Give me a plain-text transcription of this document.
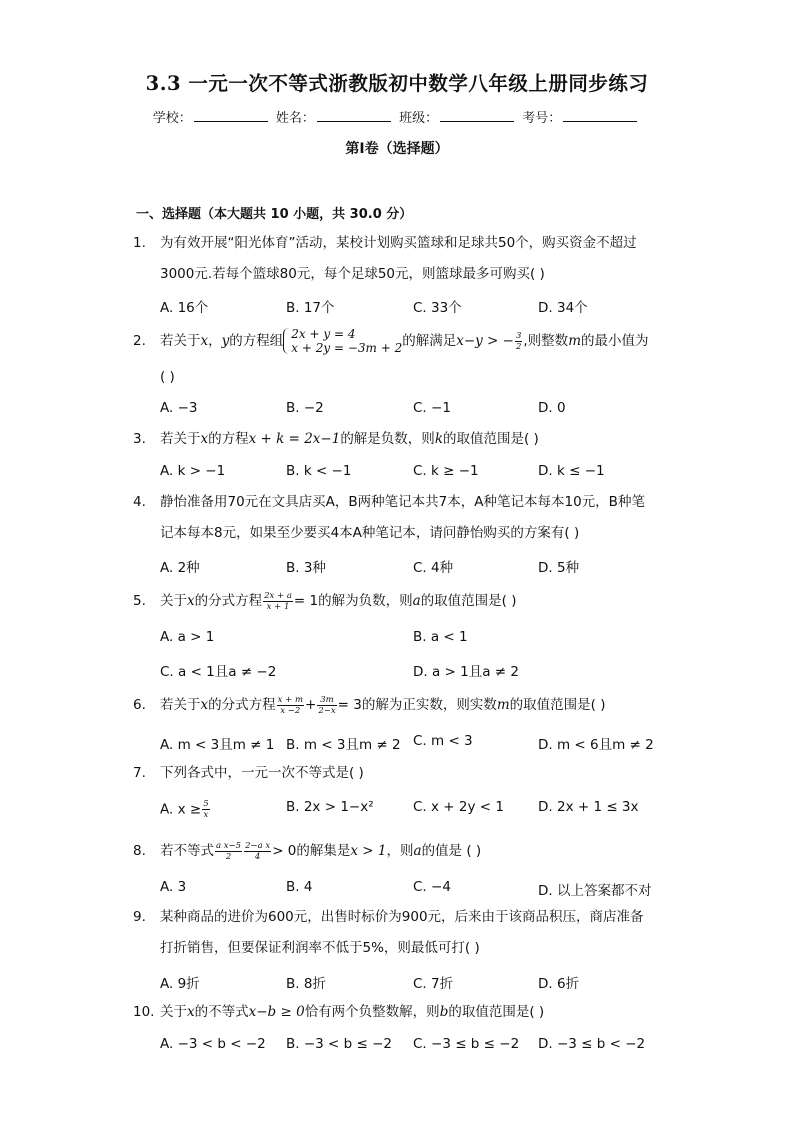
3.3 一元一次不等式浙教版初中数学八年级上册同步练习
学校：	姓名：	班级：	考号：
第Ⅰ卷（选择题）
一、选择题（本大题共 10 小题，共 30.0 分）
1.	为有效开展“阳光体育”活动，某校计划购买篮球和足球共50个，购买资金不超过
3000元.若每个篮球80元，每个足球50元，则篮球最多可购买( )
A. 16个	B. 17个	C. 33个	D. 34个
2.	若关于x，y的方程组 2x + y = 4
x + 2y = −3m + 2 的解满足x−y > − $\frac{3}{2}$ ,则整数m的最小值为
( )
A. −3	B. −2	C. −1	D. 0
3.	若关于x的方程x + k = 2x−1的解是负数，则k的取值范围是( )
A. k > −1	B. k < −1	C. k ≥ −1	D. k ≤ −1
4.	静怡准备用70元在文具店买A，B两种笔记本共7本，A种笔记本每本10元，B种笔
记本每本8元，如果至少要买4本A种笔记本，请问静怡购买的方案有( )
A. 2种	B. 3种	C. 4种	D. 5种
5.	关于x的分式方程 $\frac{2x + a}{x + 1} = 1$的解为负数，则a的取值范围是( )
A. a > 1	B. a < 1
C. a < 1且a ≠ −2	D. a > 1且a ≠ 2
6.	若关于x的分式方程 $\frac{x + m}{x -2} + \frac{3m}{2-x} = 3$的解为正实数，则实数m的取值范围是( )
A. m < 3且m ≠ 1 B. m < 3且m ≠ 2 C. m < 3	D. m < 6且m ≠ 2
7.	下列各式中，一元一次不等式是( )
A. $x \ge \frac{5}{x}$	B. 2x > 1−x²	C. x + 2y < 1	D. 2x + 1 ≤ 3x
8.	若不等式 $\frac{\text{a x−5}}{2} \frac{\text{2−a x}}{4} > 0$的解集是x > 1，则a的值是 ( )
A. 3	B. 4	C. −4	D. 以上答案都不对
9.	某种商品的进价为600元，出售时标价为900元，后来由于该商品积压，商店准备
打折销售，但要保证利润率不低于5%，则最低可打( )
A. 9折	B. 8折	C. 7折	D. 6折
10. 关于x的不等式x−b ≥ 0恰有两个负整数解，则b的取值范围是( )
A. −3 < b < −2 B. −3 < b ≤ −2 C. −3 ≤ b ≤ −2 D. −3 ≤ b < −2
